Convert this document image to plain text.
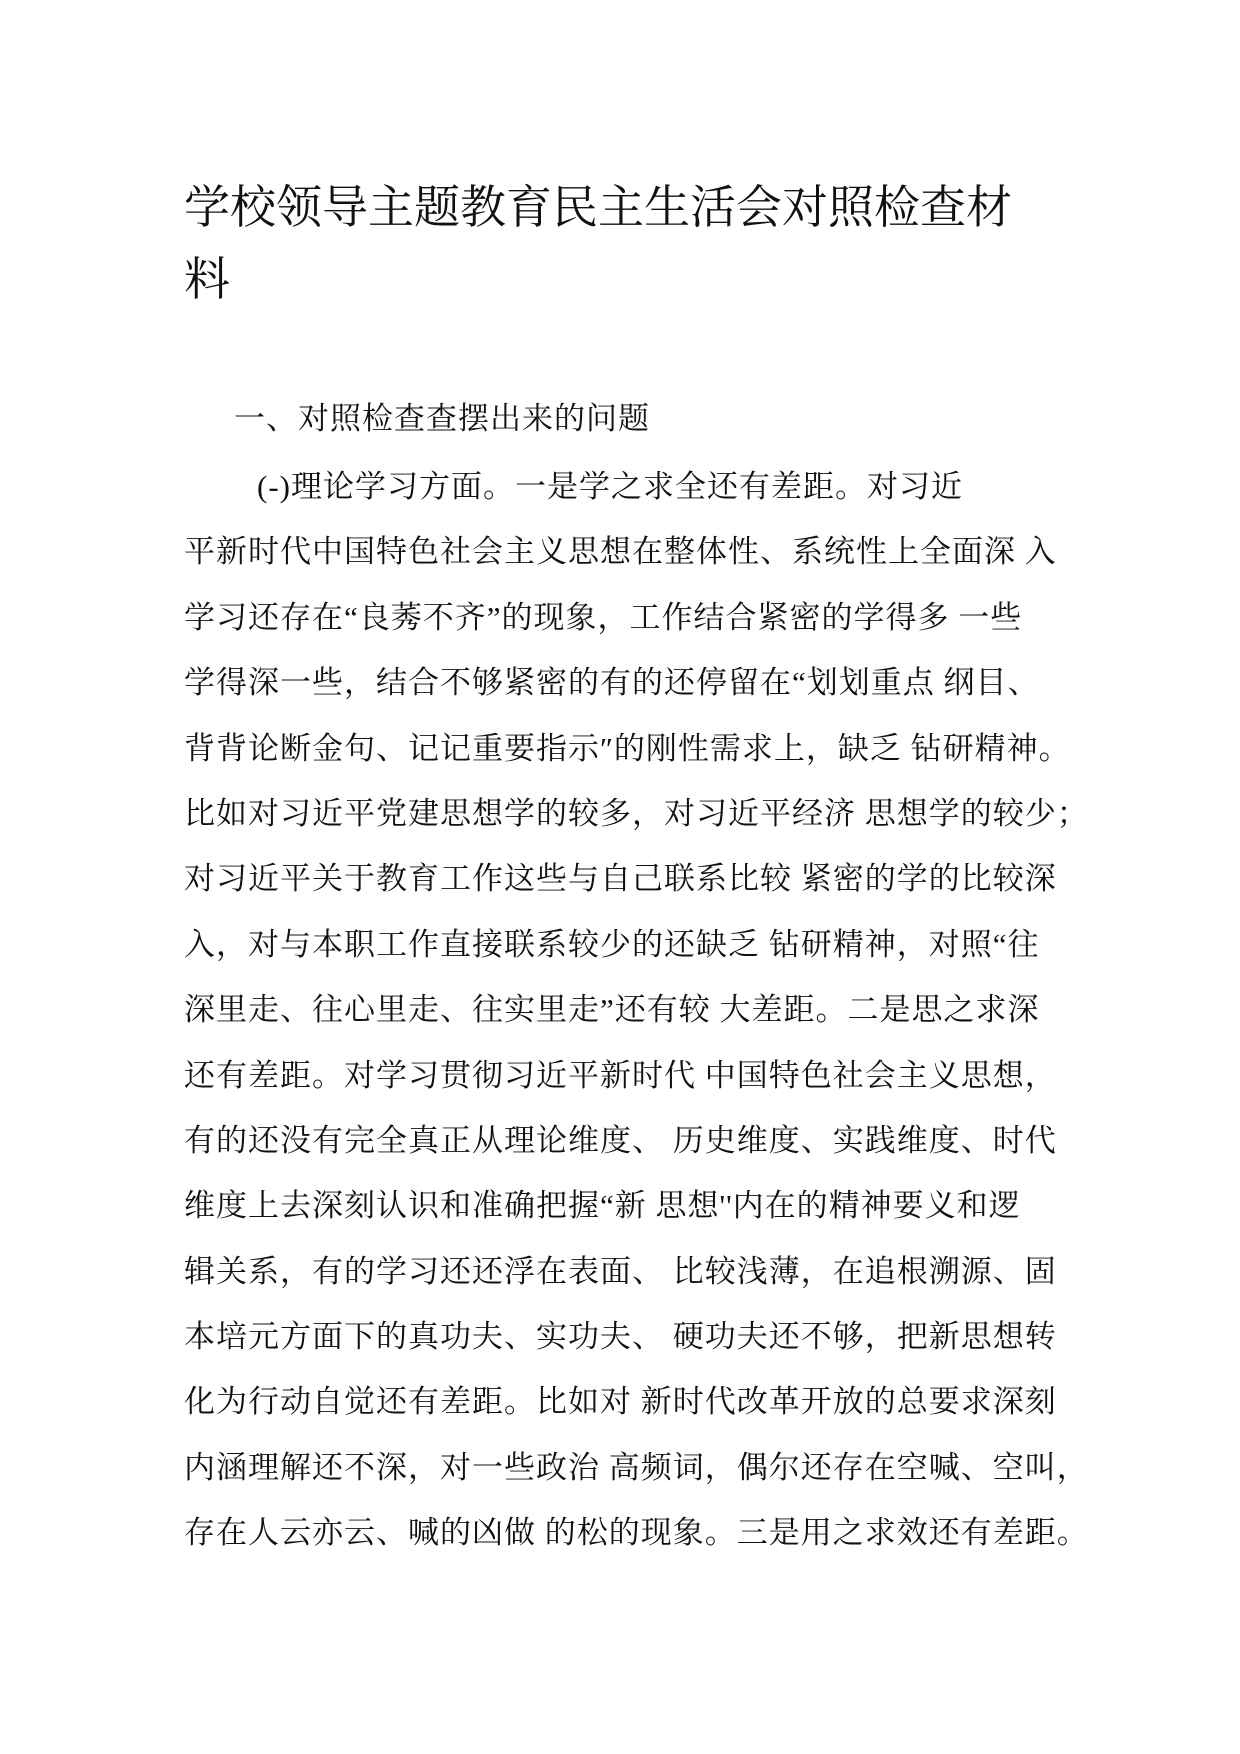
学校领导主题教育民主生活会对照检查材
料
一、对照检查查摆出来的问题
(-)理论学习方面。一是学之求全还有差距。对习近
平新时代中国特色社会主义思想在整体性、系统性上全面深 入
学习还存在“良莠不齐”的现象，工作结合紧密的学得多 一些
学得深一些，结合不够紧密的有的还停留在“划划重点 纲目、
背背论断金句、记记重要指示″的刚性需求上，缺乏 钻研精神。
比如对习近平党建思想学的较多，对习近平经济 思想学的较少；
对习近平关于教育工作这些与自己联系比较 紧密的学的比较深
入，对与本职工作直接联系较少的还缺乏 钻研精神，对照“往
深里走、往心里走、往实里走”还有较 大差距。二是思之求深
还有差距。对学习贯彻习近平新时代 中国特色社会主义思想，
有的还没有完全真正从理论维度、 历史维度、实践维度、时代
维度上去深刻认识和准确把握“新 思想''内在的精神要义和逻
辑关系，有的学习还还浮在表面、 比较浅薄，在追根溯源、固
本培元方面下的真功夫、实功夫、 硬功夫还不够，把新思想转
化为行动自觉还有差距。比如对 新时代改革开放的总要求深刻
内涵理解还不深，对一些政治 高频词，偶尔还存在空喊、空叫，
存在人云亦云、喊的凶做 的松的现象。三是用之求效还有差距。
